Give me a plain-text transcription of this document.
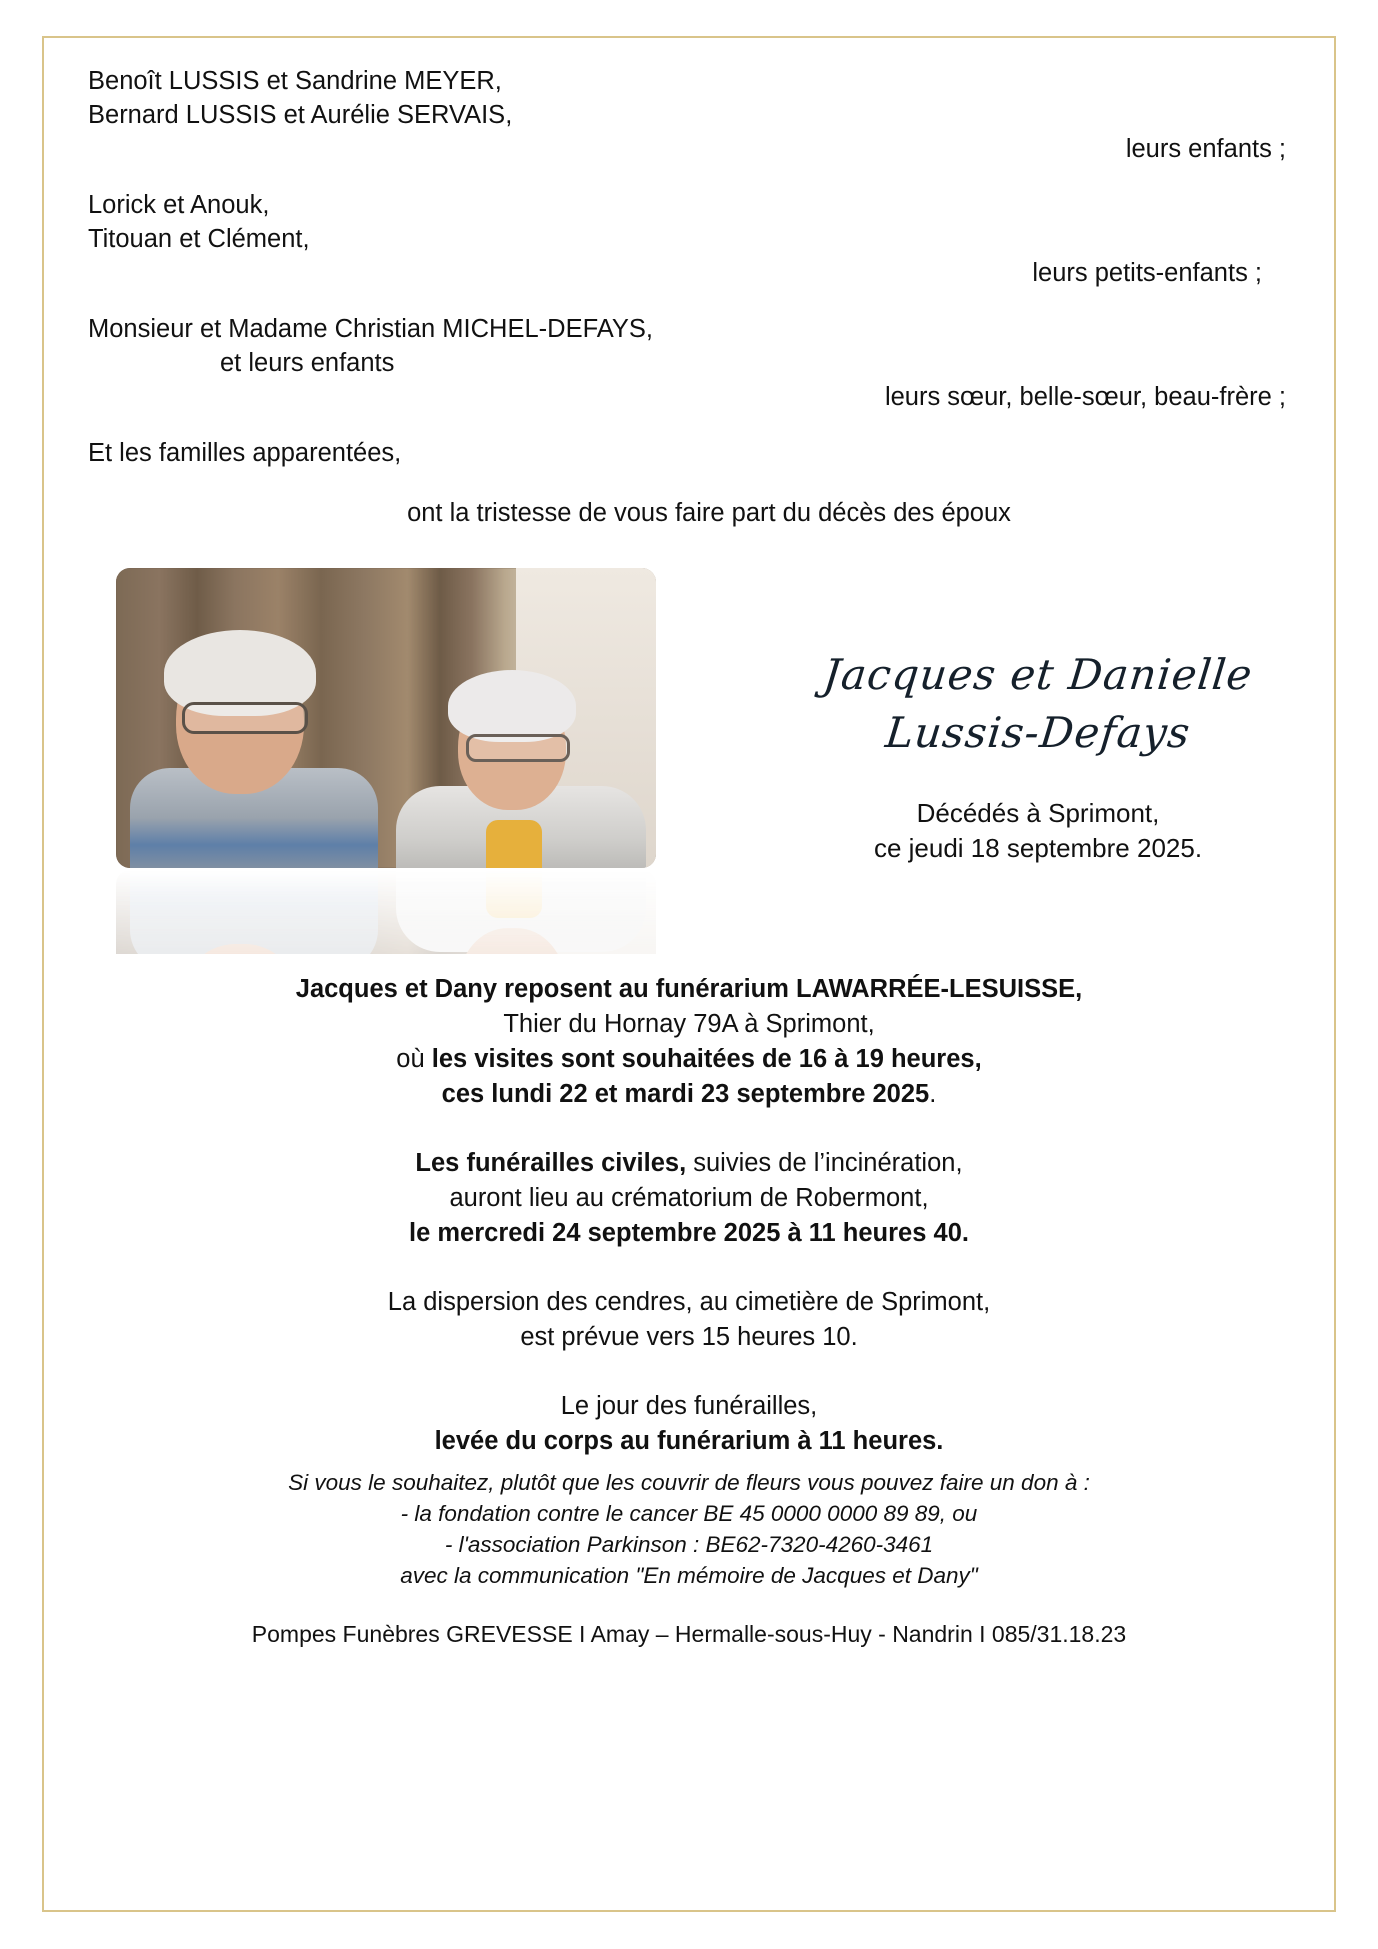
Benoît LUSSIS et Sandrine MEYER,
Bernard LUSSIS et Aurélie SERVAIS,
leurs enfants ;
Lorick et Anouk,
Titouan et Clément,
leurs petits-enfants ;
Monsieur et Madame Christian MICHEL-DEFAYS,
et leurs enfants
leurs sœur, belle-sœur, beau-frère ;
Et les familles apparentées,
ont la tristesse de vous faire part du décès des époux
Jacques et Danielle
Lussis-Defays
Décédés à Sprimont,
ce jeudi 18 septembre 2025.
Jacques et Dany reposent au funérarium LAWARRÉE-LESUISSE,
Thier du Hornay 79A à Sprimont,
où les visites sont souhaitées de 16 à 19 heures,
ces lundi 22 et mardi 23 septembre 2025.
Les funérailles civiles, suivies de l’incinération,
auront lieu au crématorium de Robermont,
le mercredi 24 septembre 2025 à 11 heures 40.
La dispersion des cendres, au cimetière de Sprimont,
est prévue vers 15 heures 10.
Le jour des funérailles,
levée du corps au funérarium à 11 heures.
Si vous le souhaitez, plutôt que les couvrir de fleurs vous pouvez faire un don à :
- la fondation contre le cancer BE 45 0000 0000 89 89, ou
- l'association Parkinson : BE62-7320-4260-3461
avec la communication "En mémoire de Jacques et Dany"
Pompes Funèbres GREVESSE I Amay – Hermalle-sous-Huy - Nandrin I 085/31.18.23
